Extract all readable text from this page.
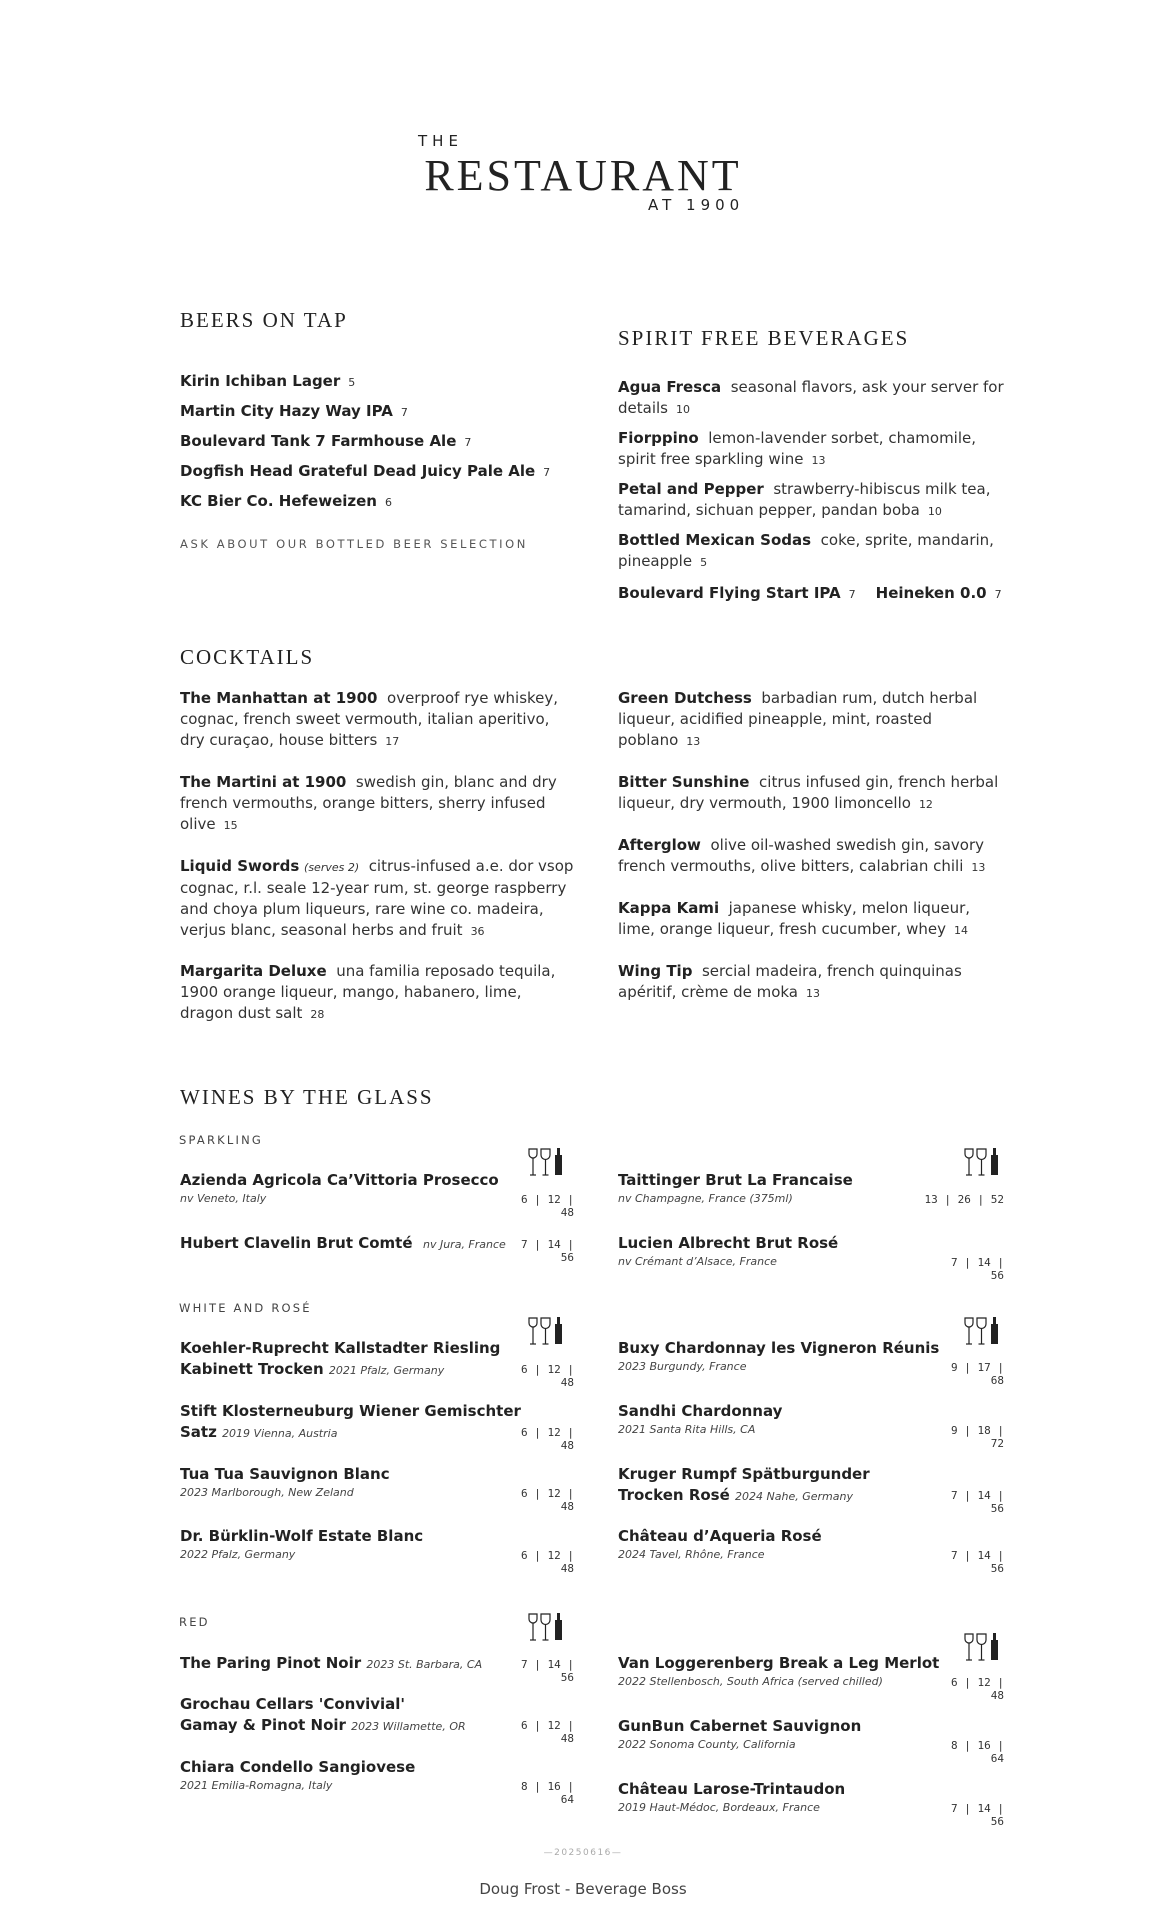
THE
RESTAURANT
AT 1900
BEERS ON TAP
Kirin Ichiban Lager 5
Martin City Hazy Way IPA 7
Boulevard Tank 7 Farmhouse Ale 7
Dogfish Head Grateful Dead Juicy Pale Ale 7
KC Bier Co. Hefeweizen 6
ASK ABOUT OUR BOTTLED BEER SELECTION
SPIRIT FREE BEVERAGES
Agua Fresca seasonal flavors, ask your server for
details 10
Fiorppino lemon-lavender sorbet, chamomile,
spirit free sparkling wine 13
Petal and Pepper strawberry-hibiscus milk tea,
tamarind, sichuan pepper, pandan boba 10
Bottled Mexican Sodas coke, sprite, mandarin,
pineapple 5
Boulevard Flying Start IPA 7 Heineken 0.0 7
COCKTAILS
The Manhattan at 1900 overproof rye whiskey,
cognac, french sweet vermouth, italian aperitivo,
dry curaçao, house bitters 17
The Martini at 1900 swedish gin, blanc and dry
french vermouths, orange bitters, sherry infused
olive 15
Liquid Swords (serves 2) citrus-infused a.e. dor vsop
cognac, r.l. seale 12-year rum, st. george raspberry
and choya plum liqueurs, rare wine co. madeira,
verjus blanc, seasonal herbs and fruit 36
Margarita Deluxe una familia reposado tequila,
1900 orange liqueur, mango, habanero, lime,
dragon dust salt 28
Green Dutchess barbadian rum, dutch herbal
liqueur, acidified pineapple, mint, roasted
poblano 13
Bitter Sunshine citrus infused gin, french herbal
liqueur, dry vermouth, 1900 limoncello 12
Afterglow olive oil-washed swedish gin, savory
french vermouths, olive bitters, calabrian chili 13
Kappa Kami japanese whisky, melon liqueur,
lime, orange liqueur, fresh cucumber, whey 14
Wing Tip sercial madeira, french quinquinas
apéritif, crème de moka 13
WINES BY THE GLASS
SPARKLING
Azienda Agricola Ca’Vittoria Prosecco
nv Veneto, Italy	6 | 12 | 48
Hubert Clavelin Brut Comté nv Jura, France	7 | 14 | 56
Taittinger Brut La Francaise
nv Champagne, France (375ml)	13 | 26 | 52
Lucien Albrecht Brut Rosé
nv Crémant d’Alsace, France	7 | 14 | 56
WHITE AND ROSÉ
Koehler-Ruprecht Kallstadter Riesling
Kabinett Trocken 2021 Pfalz, Germany	6 | 12 | 48
Stift Klosterneuburg Wiener Gemischter
Satz 2019 Vienna, Austria	6 | 12 | 48
Tua Tua Sauvignon Blanc
2023 Marlborough, New Zeland	6 | 12 | 48
Dr. Bürklin-Wolf Estate Blanc
2022 Pfalz, Germany	6 | 12 | 48
Buxy Chardonnay les Vigneron Réunis
2023 Burgundy, France	9 | 17 | 68
Sandhi Chardonnay
2021 Santa Rita Hills, CA	9 | 18 | 72
Kruger Rumpf Spätburgunder
Trocken Rosé 2024 Nahe, Germany	7 | 14 | 56
Château d’Aqueria Rosé
2024 Tavel, Rhône, France	7 | 14 | 56
RED
The Paring Pinot Noir 2023 St. Barbara, CA	7 | 14 | 56
Grochau Cellars 'Convivial'
Gamay & Pinot Noir 2023 Willamette, OR	6 | 12 | 48
Chiara Condello Sangiovese
2021 Emilia-Romagna, Italy	8 | 16 | 64
Van Loggerenberg Break a Leg Merlot
2022 Stellenbosch, South Africa (served chilled)	6 | 12 | 48
GunBun Cabernet Sauvignon
2022 Sonoma County, California	8 | 16 | 64
Château Larose-Trintaudon
2019 Haut-Médoc, Bordeaux, France	7 | 14 | 56
—20250616—
Doug Frost - Beverage Boss
